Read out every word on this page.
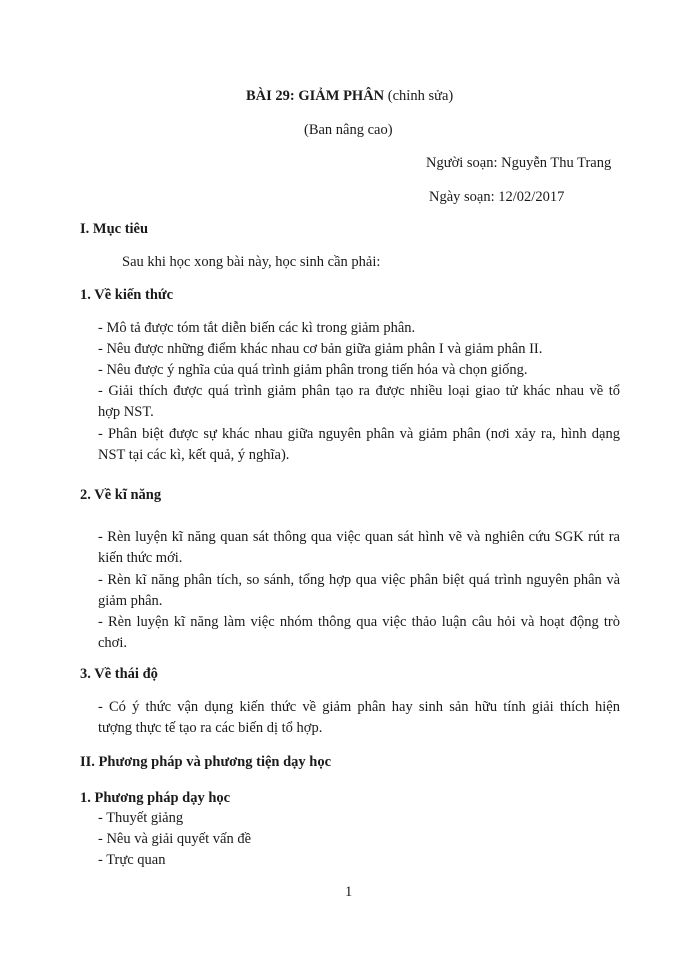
BÀI 29: GIẢM PHÂN (chỉnh sửa)
(Ban nâng cao)
Người soạn: Nguyễn Thu Trang
Ngày soạn: 12/02/2017
I. Mục tiêu
Sau khi học xong bài này, học sinh cần phải:
1. Về kiến thức
- Mô tả được tóm tắt diễn biến các kì trong giảm phân.
- Nêu được những điểm khác nhau cơ bản giữa giảm phân I và giảm phân II.
- Nêu được ý nghĩa của quá trình giảm phân trong tiến hóa và chọn giống.
- Giải thích được quá trình giảm phân tạo ra được nhiều loại giao tử khác nhau về tổ
hợp NST.
- Phân biệt được sự khác nhau giữa nguyên phân và giảm phân (nơi xảy ra, hình dạng
NST tại các kì, kết quả, ý nghĩa).
2. Về kĩ năng
- Rèn luyện kĩ năng quan sát thông qua việc quan sát hình vẽ và nghiên cứu SGK rút ra
kiến thức mới.
- Rèn kĩ năng phân tích, so sánh, tổng hợp qua việc phân biệt quá trình nguyên phân và
giảm phân.
- Rèn luyện kĩ năng làm việc nhóm thông qua việc thảo luận câu hỏi và hoạt động trò
chơi.
3. Về thái độ
- Có ý thức vận dụng kiến thức về giảm phân hay sinh sản hữu tính giải thích hiện
tượng thực tế tạo ra các biến dị tổ hợp.
II. Phương pháp và phương tiện dạy học
1. Phương pháp dạy học
- Thuyết giảng
- Nêu và giải quyết vấn đề
- Trực quan
1
